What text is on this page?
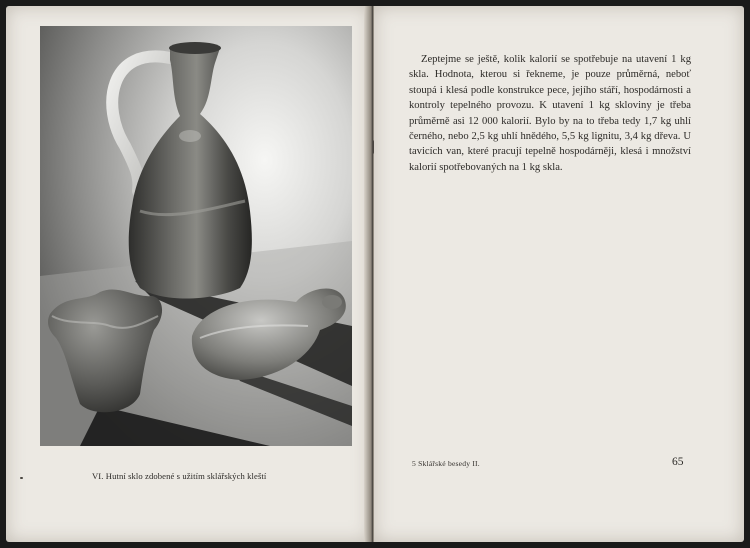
VI. Hutní sklo zdobené s užitím sklářských kleští
Zeptejme se ještě, kolik kalorií se spotřebuje na utavení 1 kg skla. Hodnota, kterou si řekneme, je pouze průměrná, neboť stoupá i klesá podle konstrukce pece, jejího stáří, hospodárnosti a kontroly tepelného provozu. K utavení 1 kg skloviny je třeba průměrně asi 12 000 kalorií. Bylo by na to třeba tedy 1,7 kg uhlí černého, nebo 2,5 kg uhlí hnědého, 5,5 kg lignitu, 3,4 kg dřeva. U tavicích van, které pracují tepelně hospodárněji, klesá i množství kalorií spotřebovaných na 1 kg skla.
5 Sklářské besedy II.	65
